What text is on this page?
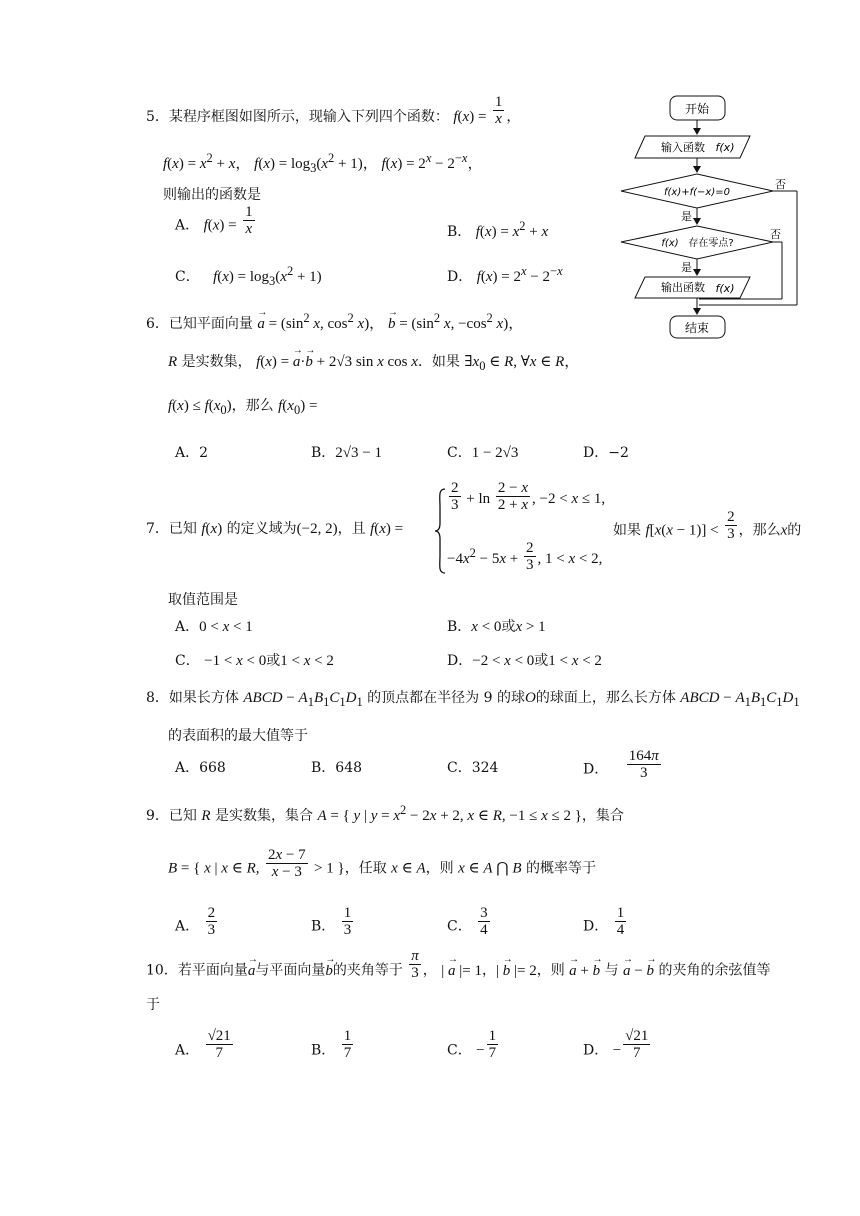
5．某程序框图如图所示，现输入下列四个函数： $f(x) = \frac{1}{x}$ ，
$f(x) = x^2 + x$， $f(x) = \log_3(x^2 + 1)$， $f(x) = 2^x - 2^{-x}$，
则输出的函数是
A． $f(x) = \frac{1}{x}$	B． $f(x) = x^2 + x$
C． $f(x) = \log_3(x^2 + 1)$	D． $f(x) = 2^x - 2^{-x}$
开始
输入函数 f(x)
f(x)+f(−x)=0
否
是
f(x) 存在零点?
否
是
输出函数 f(x)
结束
6．已知平面向量 → $a = (\sin^2$ x, $\cos^2 x$)， → $b = (\sin^2$ x, $-\cos^2$ x)，
R 是实数集， f(x) = → a·→ b + 2√3 sin x cos x．如果 $\exists x_0$ ∈ R, ∀x ∈ R，
$f(x) \le f(x_0)$，那么 $f(x_0)$ =
A．2	B．2√3 − 1	C．1 − 2√3	D．−2
7．已知 f(x) 的定义域为(−2, 2)，且 f(x) =
$\frac{2}{3} + \ln \frac{2 - x}{2 + x}$ , −2 < x ≤ 1,
$-4x^2 - 5x + \frac{2}{3}$ , 1 < x < 2,
如果 $f[x(x - 1)] < \frac{2}{3}$ ，那么x的
取值范围是
A．0 < x < 1	B．x < 0或x > 1
C． −1 < x < 0或1 < x < 2	D．−2 < x < 0或1 < x < 2
8．如果长方体 ABCD − $A_1B_1C_1D_1$ 的顶点都在半径为 9 的球O的球面上，那么长方体 ABCD − $A_1B_1C_1D_1$
的表面积的最大值等于
A．668	B．648	C．324	D． $\frac{164\pi}{3}$
9．已知 R 是实数集，集合 A = { y | $y = x^2 - 2x + 2$, x ∈ R, −1 ≤ x ≤ 2 }，集合
B = { x | x ∈ R, $\frac{2x - 7}{x - 3} > 1$ }，任取 x ∈ A，则 x ∈ A ⋂ B 的概率等于
A． $\frac{2}{3}$	B． $\frac{1}{3}$	C． $\frac{3}{4}$	D． $\frac{1}{4}$
10．若平面向量→ a与平面向量→ b的夹角等于 $\frac{\pi}{3}$ ， | → a |= 1，| → b |= 2，则 → a + → b 与 → a − → b 的夹角的余弦值等
于
A． $\frac{√21}{7}$	B． $\frac{1}{7}$	C． − $\frac{1}{7}$	D． − $\frac{√21}{7}$
